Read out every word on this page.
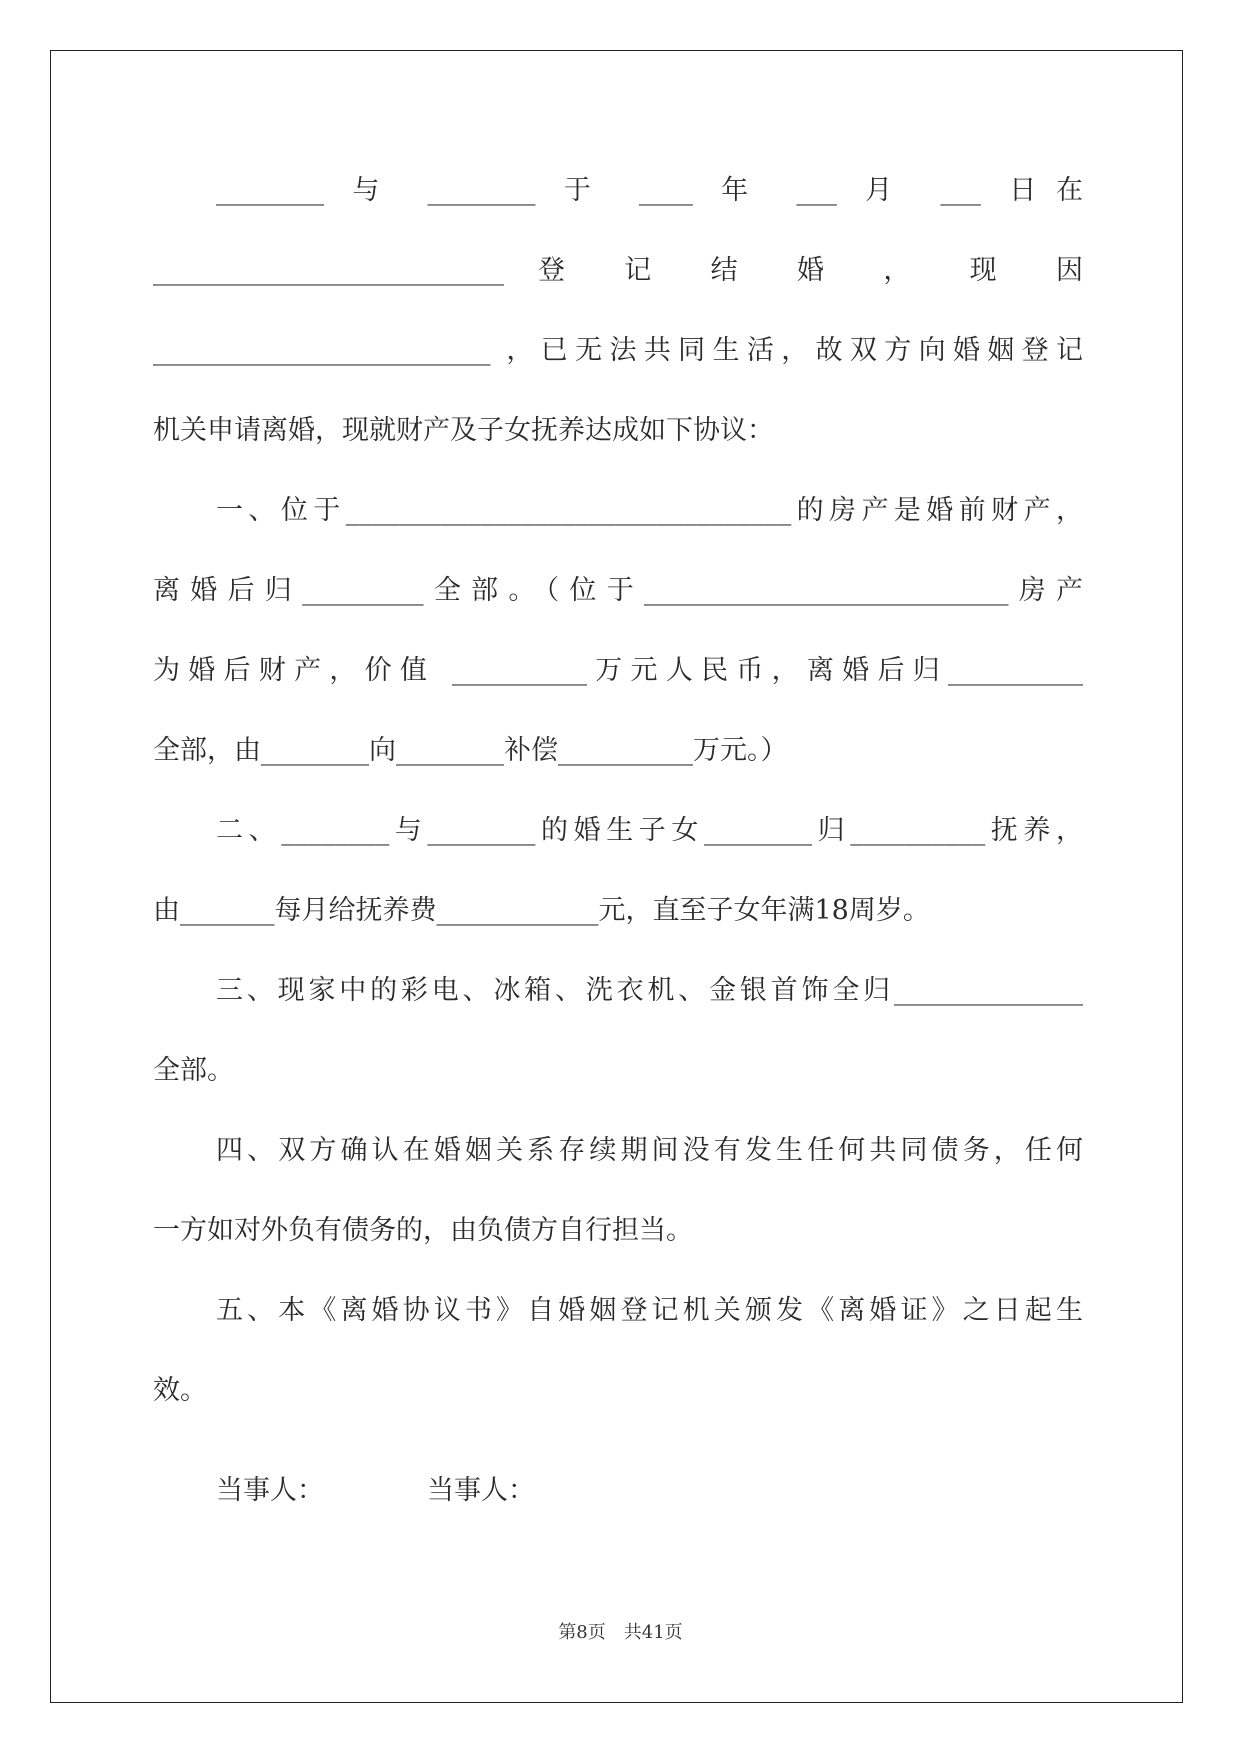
________ 与 ________ 于 ____ 年 ___ 月 ___ 日在
__________________________ 登 记 结 婚 ， 现 因
_________________________ ，已无法共同生活，故双方向婚姻登记
机关申请离婚，现就财产及子女抚养达成如下协议：
一、位于_________________________________的房产是婚前财产，
离婚后归_________全部。（位于___________________________房产
为婚后财产，价值 __________万元人民币，离婚后归__________
全部，由________向________补偿__________万元。）
二、________与________的婚生子女________归__________抚养，
由_______每月给抚养费____________元，直至子女年满18周岁。
三、现家中的彩电、冰箱、洗衣机、金银首饰全归______________
全部。
四、双方确认在婚姻关系存续期间没有发生任何共同债务，任何
一方如对外负有债务的，由负债方自行担当。
五、本《离婚协议书》自婚姻登记机关颁发《离婚证》之日起生
效。
当事人：            当事人：
第8页 共41页
